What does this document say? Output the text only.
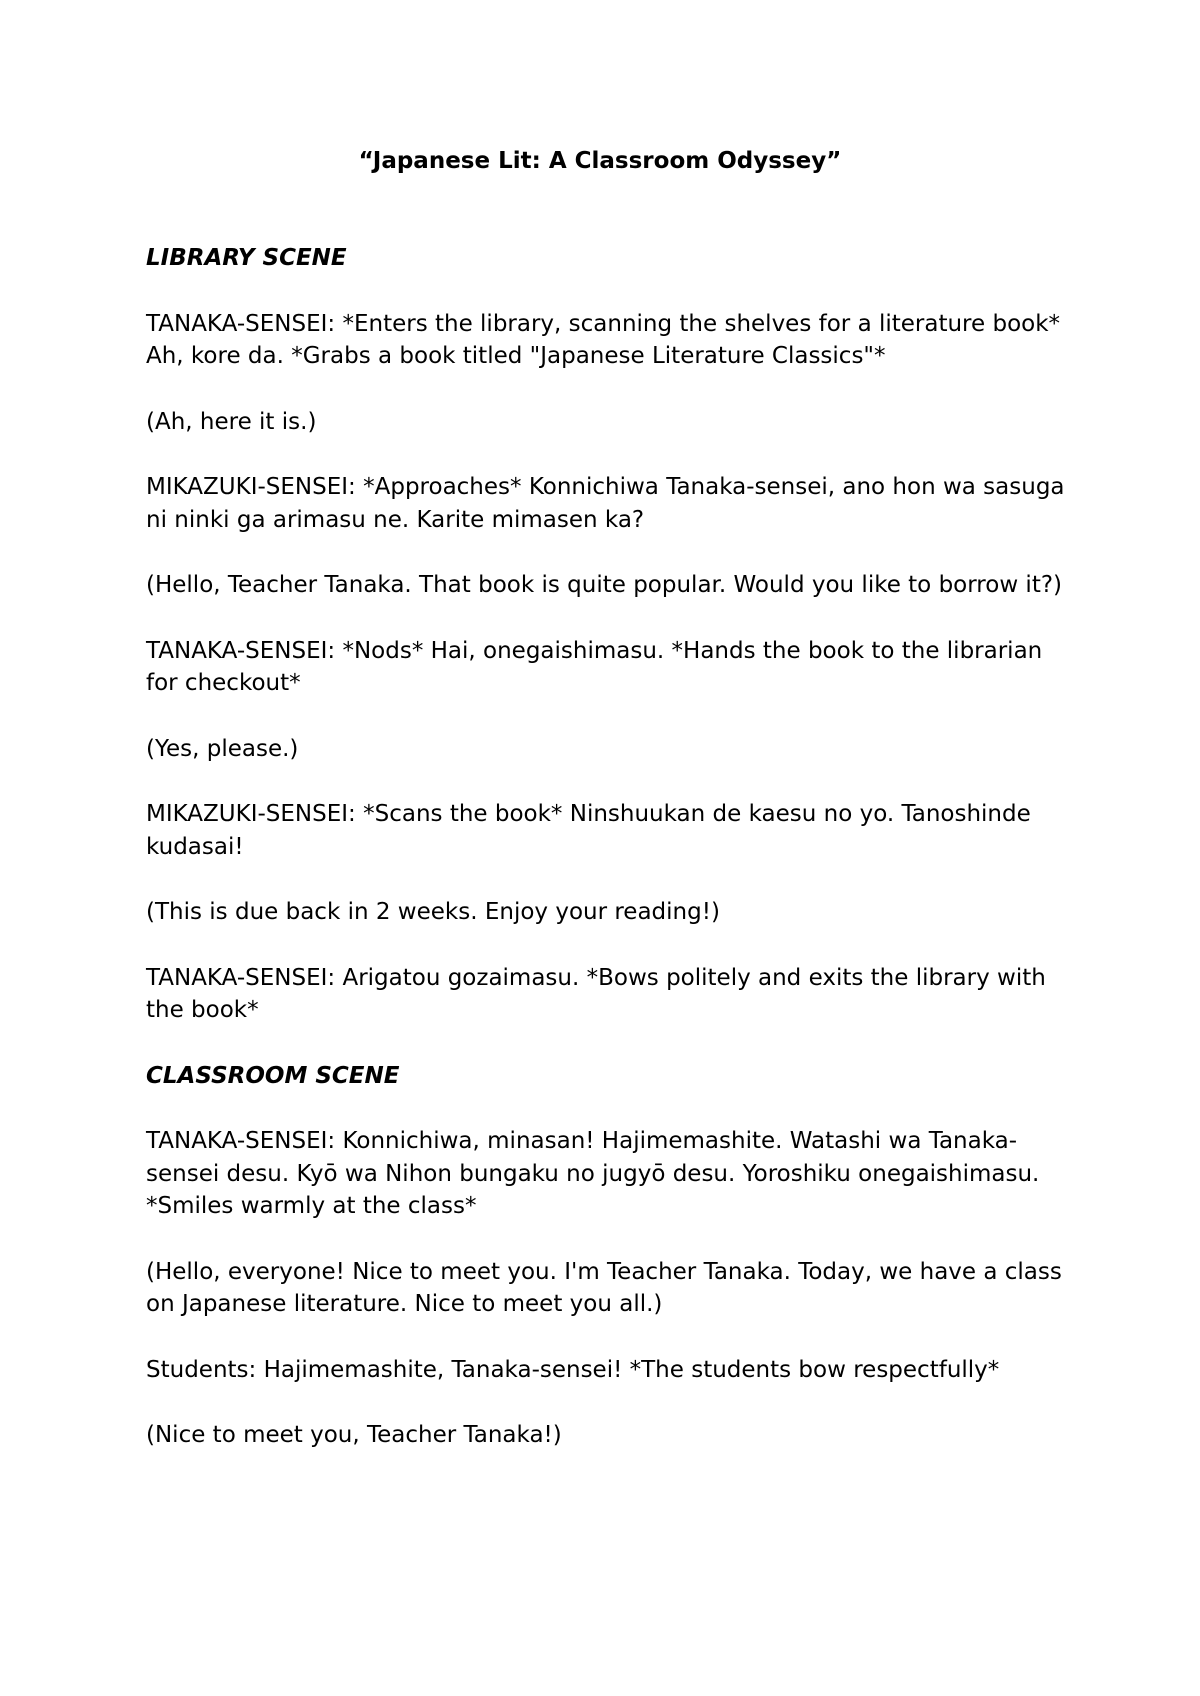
“Japanese Lit: A Classroom Odyssey”

LIBRARY SCENE

TANAKA-SENSEI: *Enters the library, scanning the shelves for a literature book* Ah, kore da. *Grabs a book titled "Japanese Literature Classics"*

(Ah, here it is.)

MIKAZUKI-SENSEI: *Approaches* Konnichiwa Tanaka-sensei, ano hon wa sasuga ni ninki ga arimasu ne. Karite mimasen ka?

(Hello, Teacher Tanaka. That book is quite popular. Would you like to borrow it?)

TANAKA-SENSEI: *Nods* Hai, onegaishimasu. *Hands the book to the librarian for checkout*

(Yes, please.)

MIKAZUKI-SENSEI: *Scans the book* Ninshuukan de kaesu no yo. Tanoshinde kudasai!

(This is due back in 2 weeks. Enjoy your reading!)

TANAKA-SENSEI: Arigatou gozaimasu. *Bows politely and exits the library with the book*

CLASSROOM SCENE

TANAKA-SENSEI: Konnichiwa, minasan! Hajimemashite. Watashi wa Tanaka-sensei desu. Kyō wa Nihon bungaku no jugyō desu. Yoroshiku onegaishimasu. *Smiles warmly at the class*

(Hello, everyone! Nice to meet you. I'm Teacher Tanaka. Today, we have a class on Japanese literature. Nice to meet you all.)

Students: Hajimemashite, Tanaka-sensei! *The students bow respectfully*

(Nice to meet you, Teacher Tanaka!)
